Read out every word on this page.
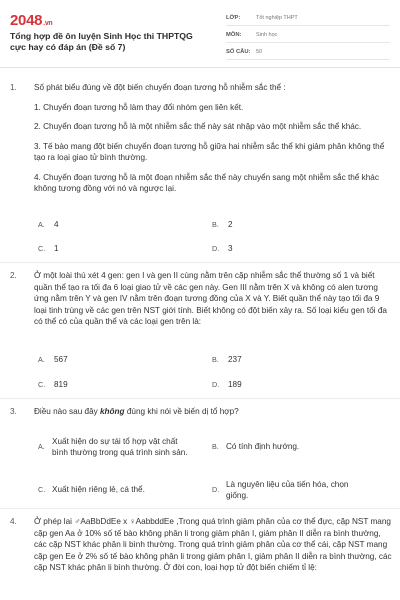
2048.vn
Tổng hợp đề ôn luyện Sinh Học thi THPTQG cực hay có đáp án (Đề số 7)
LỚP:	Tốt nghiệp THPT
MÔN:	Sinh học
SỐ CÂU:	50
1.	Số phát biểu đúng về đột biến chuyển đoạn tương hỗ nhiễm sắc thể :
1. Chuyển đoạn tương hỗ làm thay đổi nhóm gen liên kết.
2. Chuyển đoạn tương hỗ là một nhiễm sắc thể này sát nhập vào một nhiễm sắc thể khác.
3. Tế bào mang đột biến chuyển đoạn tương hỗ giữa hai nhiễm sắc thể khi giảm phân không thể tạo ra loại giao tử bình thường.
4. Chuyển đoạn tương hỗ là một đoạn nhiễm sắc thể này chuyển sang một nhiễm sắc thể khác không tương đồng với nó và ngược lại.
A. 4	B. 2
C. 1	D. 3
2.	Ở một loài thú xét 4 gen: gen I và gen II cùng nằm trên cặp nhiễm sắc thể thường số 1 và biết quần thể tạo ra tối đa 6 loại giao tử về các gen này. Gen III nằm trên X và không có alen tương ứng nằm trên Y và gen IV nằm trên đoạn tương đồng của X và Y. Biết quần thể này tạo tối đa 9 loại tinh trùng về các gen trên NST giới tính. Biết không có đột biến xảy ra. Số loại kiểu gen tối đa có thể có của quần thể và các loại gen trên là:
A. 567	B. 237
C. 819	D. 189
3.	Điều nào sau đây không đúng khi nói về biến dị tổ hợp?
A.
Xuất hiện do sự tái tổ hợp vật chất bình thường trong quá trình sinh sản.
B. Có tính định hướng.
C. Xuất hiện riêng lẻ, cá thể.	D.
Là nguyên liệu của tiến hóa, chọn giống.
4.	Ở phép lai ♂AaBbDdEe x ♀AabbddEe ,Trong quá trình giảm phân của cơ thể đực, cặp NST mang cặp gen Aa ở 10% số tế bào không phân li trong giảm phân I, giảm phân II diễn ra bình thường, các cặp NST khác phân li bình thường. Trong quá trình giảm phân của cơ thể cái, cặp NST mang cặp gen Ee ở 2% số tế bào không phân li trong giảm phân I, giảm phân II diễn ra bình thường, các cặp NST khác phân li bình thường. Ở đời con, loại hợp tử đột biến chiếm tỉ lệ:
